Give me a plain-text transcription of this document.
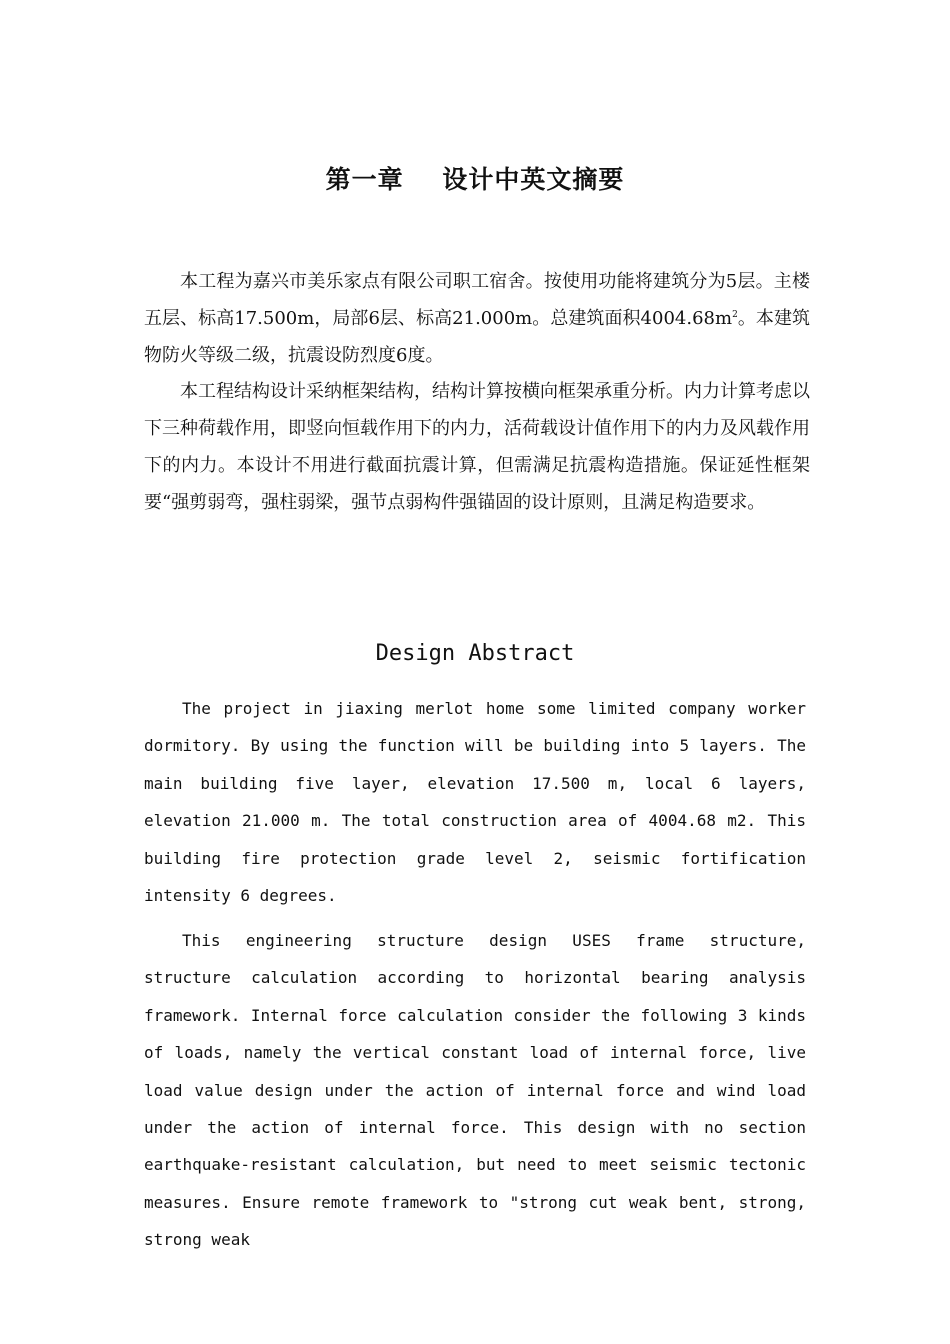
第一章    设计中英文摘要

本工程为嘉兴市美乐家点有限公司职工宿舍。按使用功能将建筑分为5层。主楼五层、标高17.500m，局部6层、标高21.000m。总建筑面积$4004.68m^2$。本建筑物防火等级二级，抗震设防烈度6度。

本工程结构设计采纳框架结构，结构计算按横向框架承重分析。内力计算考虑以下三种荷载作用，即竖向恒载作用下的内力，活荷载设计值作用下的内力及风载作用下的内力。本设计不用进行截面抗震计算，但需满足抗震构造措施。保证延性框架要“强剪弱弯，强柱弱梁，强节点弱构件强锚固的设计原则，且满足构造要求。

Design Abstract

The project in jiaxing merlot home some limited company worker dormitory. By using the function will be building into 5 layers. The main building five layer, elevation 17.500 m, local 6 layers, elevation 21.000 m. The total construction area of 4004.68 m2. This building fire protection grade level 2, seismic fortification intensity 6 degrees.

This engineering structure design USES frame structure, structure calculation according to horizontal bearing analysis framework. Internal force calculation consider the following 3 kinds of loads, namely the vertical constant load of internal force, live load value design under the action of internal force and wind load under the action of internal force. This design with no section earthquake-resistant calculation, but need to meet seismic tectonic measures. Ensure remote framework to "strong cut weak bent, strong, strong weak
